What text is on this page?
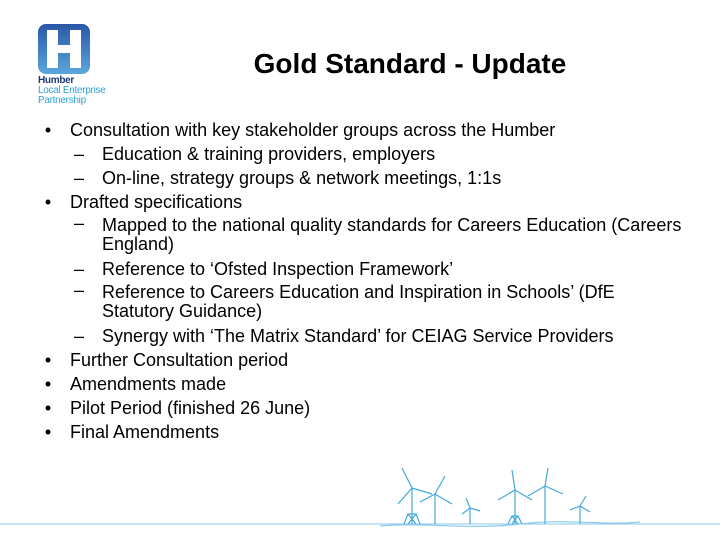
Humber
Local Enterprise
Partnership
Gold Standard - Update
•	Consultation with key stakeholder groups across the Humber
– Education & training providers, employers
– On-line, strategy groups & network meetings, 1:1s
•	Drafted specifications
– Mapped to the national quality standards for Careers Education (Careers England)
– Reference to ‘Ofsted Inspection Framework’
– Reference to Careers Education and Inspiration in Schools’ (DfE Statutory Guidance)
– Synergy with ‘The Matrix Standard’ for CEIAG Service Providers
•	Further Consultation period
•	Amendments made
•	Pilot Period (finished 26 June)
•	Final Amendments
